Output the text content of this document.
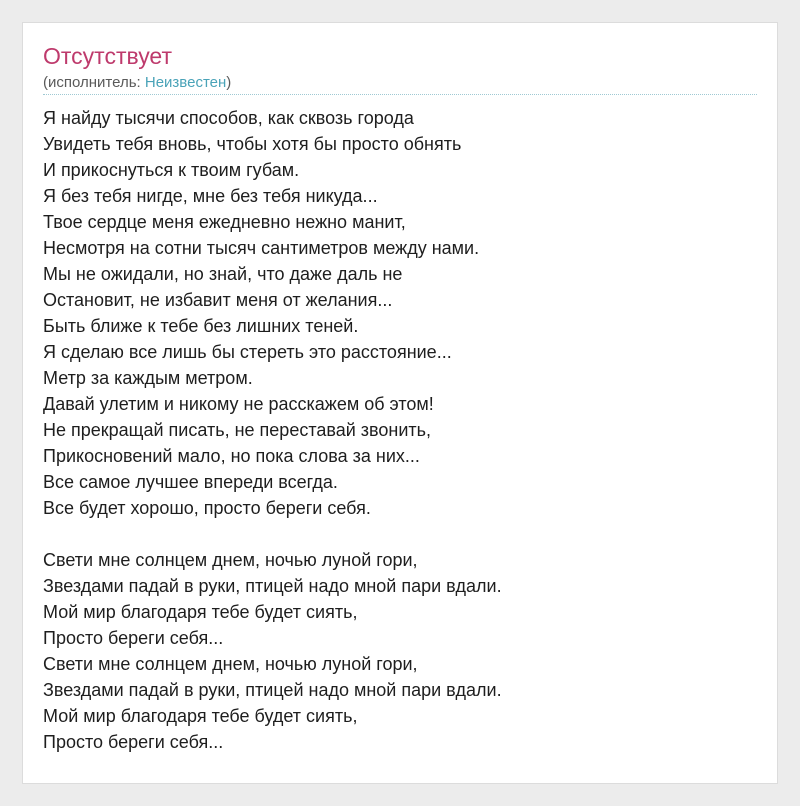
Отсутствует
(исполнитель: Неизвестен)
Я найду тысячи способов, как сквозь города
Увидеть тебя вновь, чтобы хотя бы просто обнять
И прикоснуться к твоим губам.
Я без тебя нигде, мне без тебя никуда...
Твое сердце меня ежедневно нежно манит,
Несмотря на сотни тысяч сантиметров между нами.
Мы не ожидали, но знай, что даже даль не
Остановит, не избавит меня от желания...
Быть ближе к тебе без лишних теней.
Я сделаю все лишь бы стереть это расстояние...
Метр за каждым метром.
Давай улетим и никому не расскажем об этом!
Не прекращай писать, не переставай звонить,
Прикосновений мало, но пока слова за них...
Все самое лучшее впереди всегда.
Все будет хорошо, просто береги себя.
Свети мне солнцем днем, ночью луной гори,
Звездами падай в руки, птицей надо мной пари вдали.
Мой мир благодаря тебе будет сиять,
Просто береги себя...
Свети мне солнцем днем, ночью луной гори,
Звездами падай в руки, птицей надо мной пари вдали.
Мой мир благодаря тебе будет сиять,
Просто береги себя...
